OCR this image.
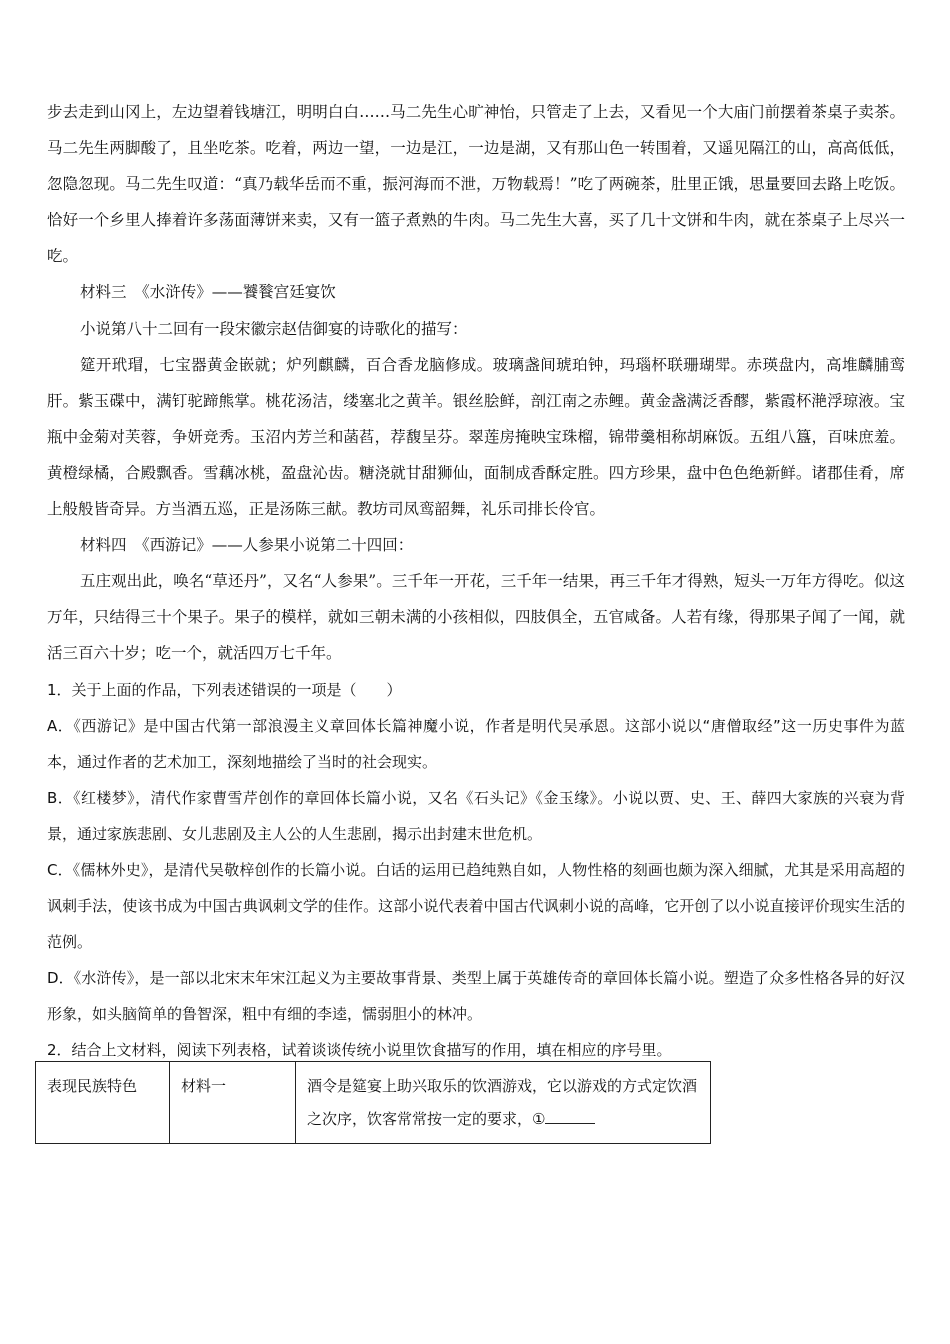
步去走到山冈上，左边望着钱塘江，明明白白……马二先生心旷神怡，只管走了上去，又看见一个大庙门前摆着茶桌子卖茶。马二先生两脚酸了，且坐吃茶。吃着，两边一望，一边是江，一边是湖，又有那山色一转围着，又遥见隔江的山，高高低低，忽隐忽现。马二先生叹道：“真乃载华岳而不重，振河海而不泄，万物载焉！”吃了两碗茶，肚里正饿，思量要回去路上吃饭。恰好一个乡里人捧着许多荡面薄饼来卖，又有一篮子煮熟的牛肉。马二先生大喜，买了几十文饼和牛肉，就在茶桌子上尽兴一吃。

材料三　《水浒传》——饕餮宫廷宴饮

小说第八十二回有一段宋徽宗赵佶御宴的诗歌化的描写：

筵开玳瑁，七宝器黄金嵌就；炉列麒麟，百合香龙脑修成。玻璃盏间琥珀钟，玛瑙杯联珊瑚斝。赤瑛盘内，高堆麟脯鸾肝。紫玉碟中，满钉驼蹄熊掌。桃花汤洁，缕塞北之黄羊。银丝脍鲜，剖江南之赤鲤。黄金盏满泛香醪，紫霞杯滟浮琼液。宝瓶中金菊对芙蓉，争妍竞秀。玉沼内芳兰和菡萏，荐馥呈芬。翠莲房掩映宝珠榴，锦带羹相称胡麻饭。五组八簋，百味庶羞。黄橙绿橘，合殿飘香。雪藕冰桃，盈盘沁齿。糖浇就甘甜狮仙，面制成香酥定胜。四方珍果，盘中色色绝新鲜。诸郡佳肴，席上般般皆奇异。方当酒五巡，正是汤陈三献。教坊司凤鸾韶舞，礼乐司排长伶官。

材料四　《西游记》——人参果小说第二十四回：

五庄观出此，唤名“草还丹”，又名“人参果”。三千年一开花，三千年一结果，再三千年才得熟，短头一万年方得吃。似这万年，只结得三十个果子。果子的模样，就如三朝未满的小孩相似，四肢俱全，五官咸备。人若有缘，得那果子闻了一闻，就活三百六十岁；吃一个，就活四万七千年。

1．关于上面的作品，下列表述错误的一项是（　　）

A．《西游记》是中国古代第一部浪漫主义章回体长篇神魔小说，作者是明代吴承恩。这部小说以“唐僧取经”这一历史事件为蓝本，通过作者的艺术加工，深刻地描绘了当时的社会现实。

B．《红楼梦》，清代作家曹雪芹创作的章回体长篇小说，又名《石头记》《金玉缘》。小说以贾、史、王、薛四大家族的兴衰为背景，通过家族悲剧、女儿悲剧及主人公的人生悲剧，揭示出封建末世危机。

C．《儒林外史》，是清代吴敬梓创作的长篇小说。白话的运用已趋纯熟自如，人物性格的刻画也颇为深入细腻，尤其是采用高超的讽刺手法，使该书成为中国古典讽刺文学的佳作。这部小说代表着中国古代讽刺小说的高峰，它开创了以小说直接评价现实生活的范例。

D．《水浒传》，是一部以北宋末年宋江起义为主要故事背景、类型上属于英雄传奇的章回体长篇小说。塑造了众多性格各异的好汉形象，如头脑简单的鲁智深，粗中有细的李逵，懦弱胆小的林冲。

2．结合上文材料，阅读下列表格，试着谈谈传统小说里饮食描写的作用，填在相应的序号里。

表现民族特色	材料一	酒令是筵宴上助兴取乐的饮酒游戏，它以游戏的方式定饮酒之次序，饮客常常按一定的要求，①
